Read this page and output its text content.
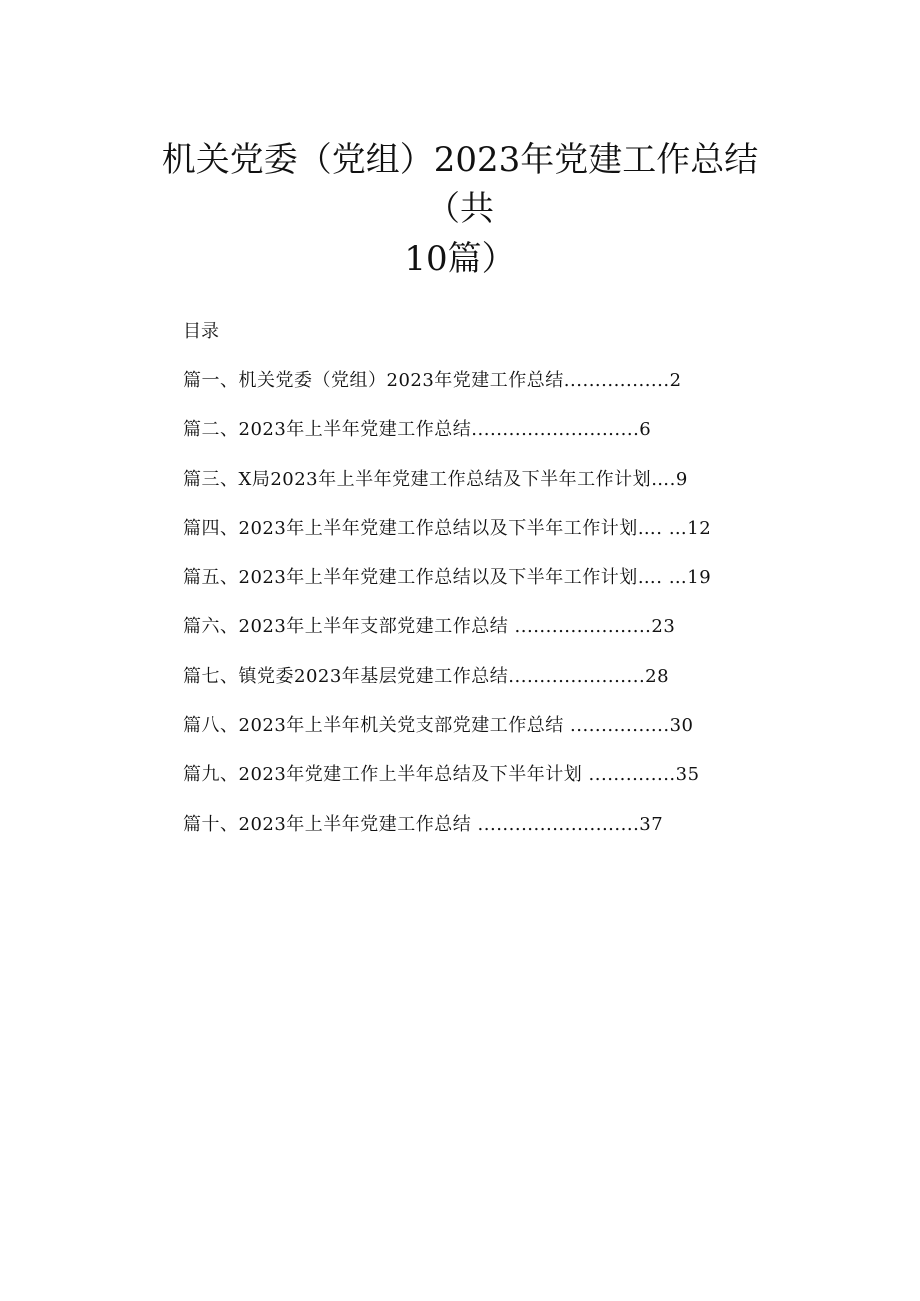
机关党委（党组）2023年党建工作总结
（共
10篇）
目录
篇一、机关党委（党组）2023年党建工作总结.................2
篇二、2023年上半年党建工作总结...........................6
篇三、X局2023年上半年党建工作总结及下半年工作计划….9
篇四、2023年上半年党建工作总结以及下半年工作计划…. …12
篇五、2023年上半年党建工作总结以及下半年工作计划…. …19
篇六、2023年上半年支部党建工作总结 ......................23
篇七、镇党委2023年基层党建工作总结......................28
篇八、2023年上半年机关党支部党建工作总结 ................30
篇九、2023年党建工作上半年总结及下半年计划 ..............35
篇十、2023年上半年党建工作总结 ..........................37
